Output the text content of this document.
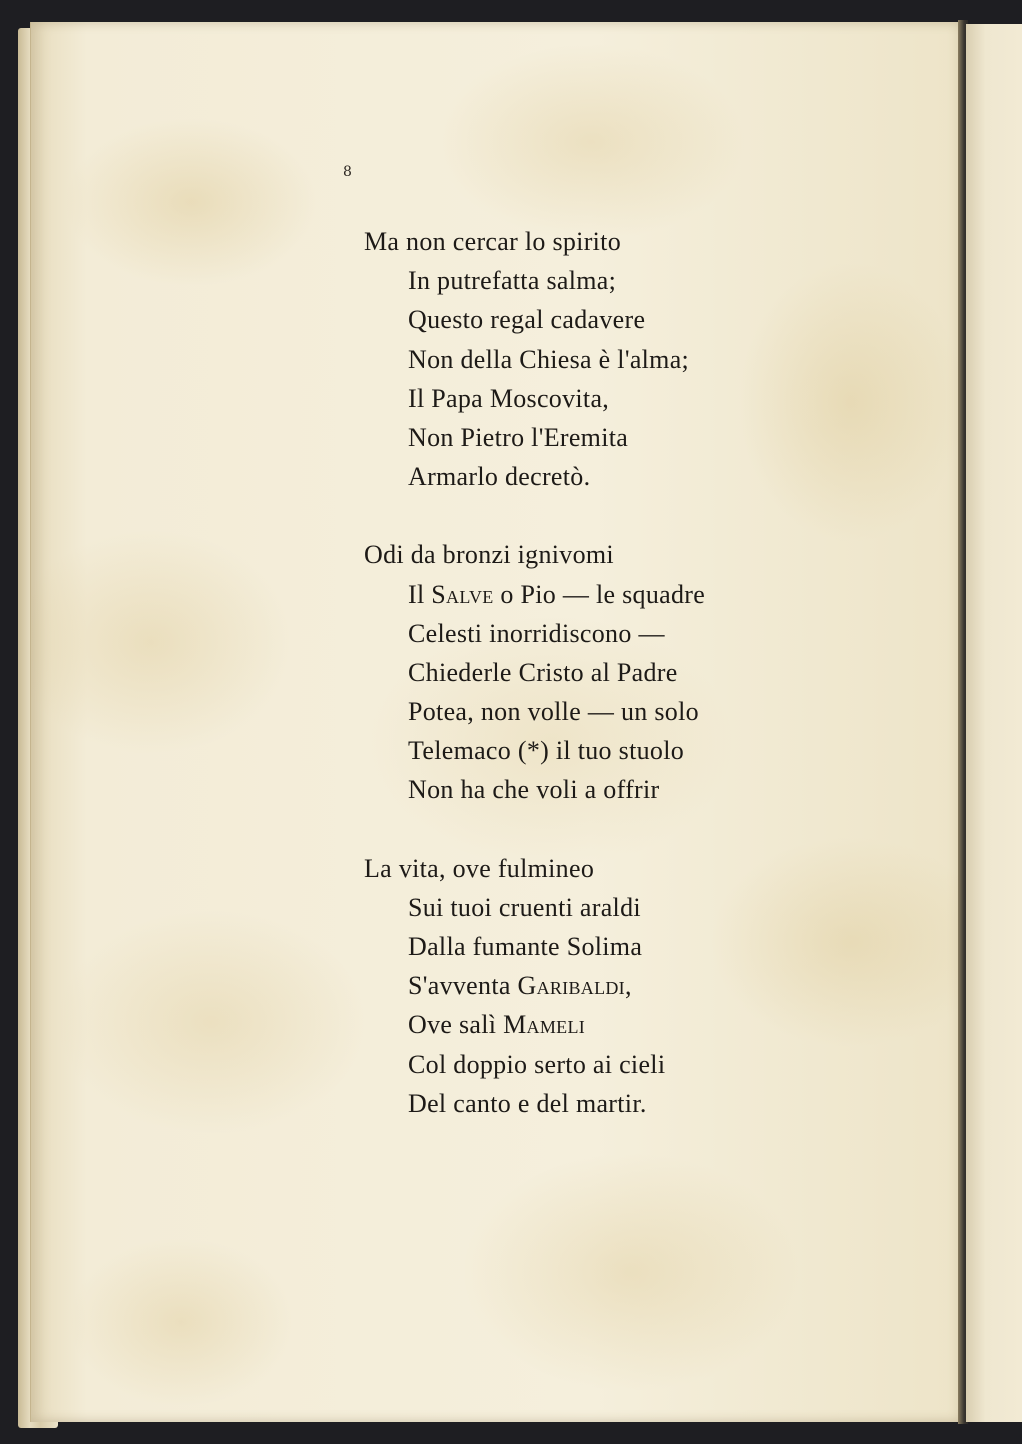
8
Ma non cercar lo spirito
In putrefatta salma;
Questo regal cadavere
Non della Chiesa è l'alma;
Il Papa Moscovita,
Non Pietro l'Eremita
Armarlo decretò.
Odi da bronzi ignivomi
Il Salve o Pio — le squadre
Celesti inorridiscono —
Chiederle Cristo al Padre
Potea, non volle — un solo
Telemaco (*) il tuo stuolo
Non ha che voli a offrir
La vita, ove fulmineo
Sui tuoi cruenti araldi
Dalla fumante Solima
S'avventa Garibaldi,
Ove salì Mameli
Col doppio serto ai cieli
Del canto e del martir.
